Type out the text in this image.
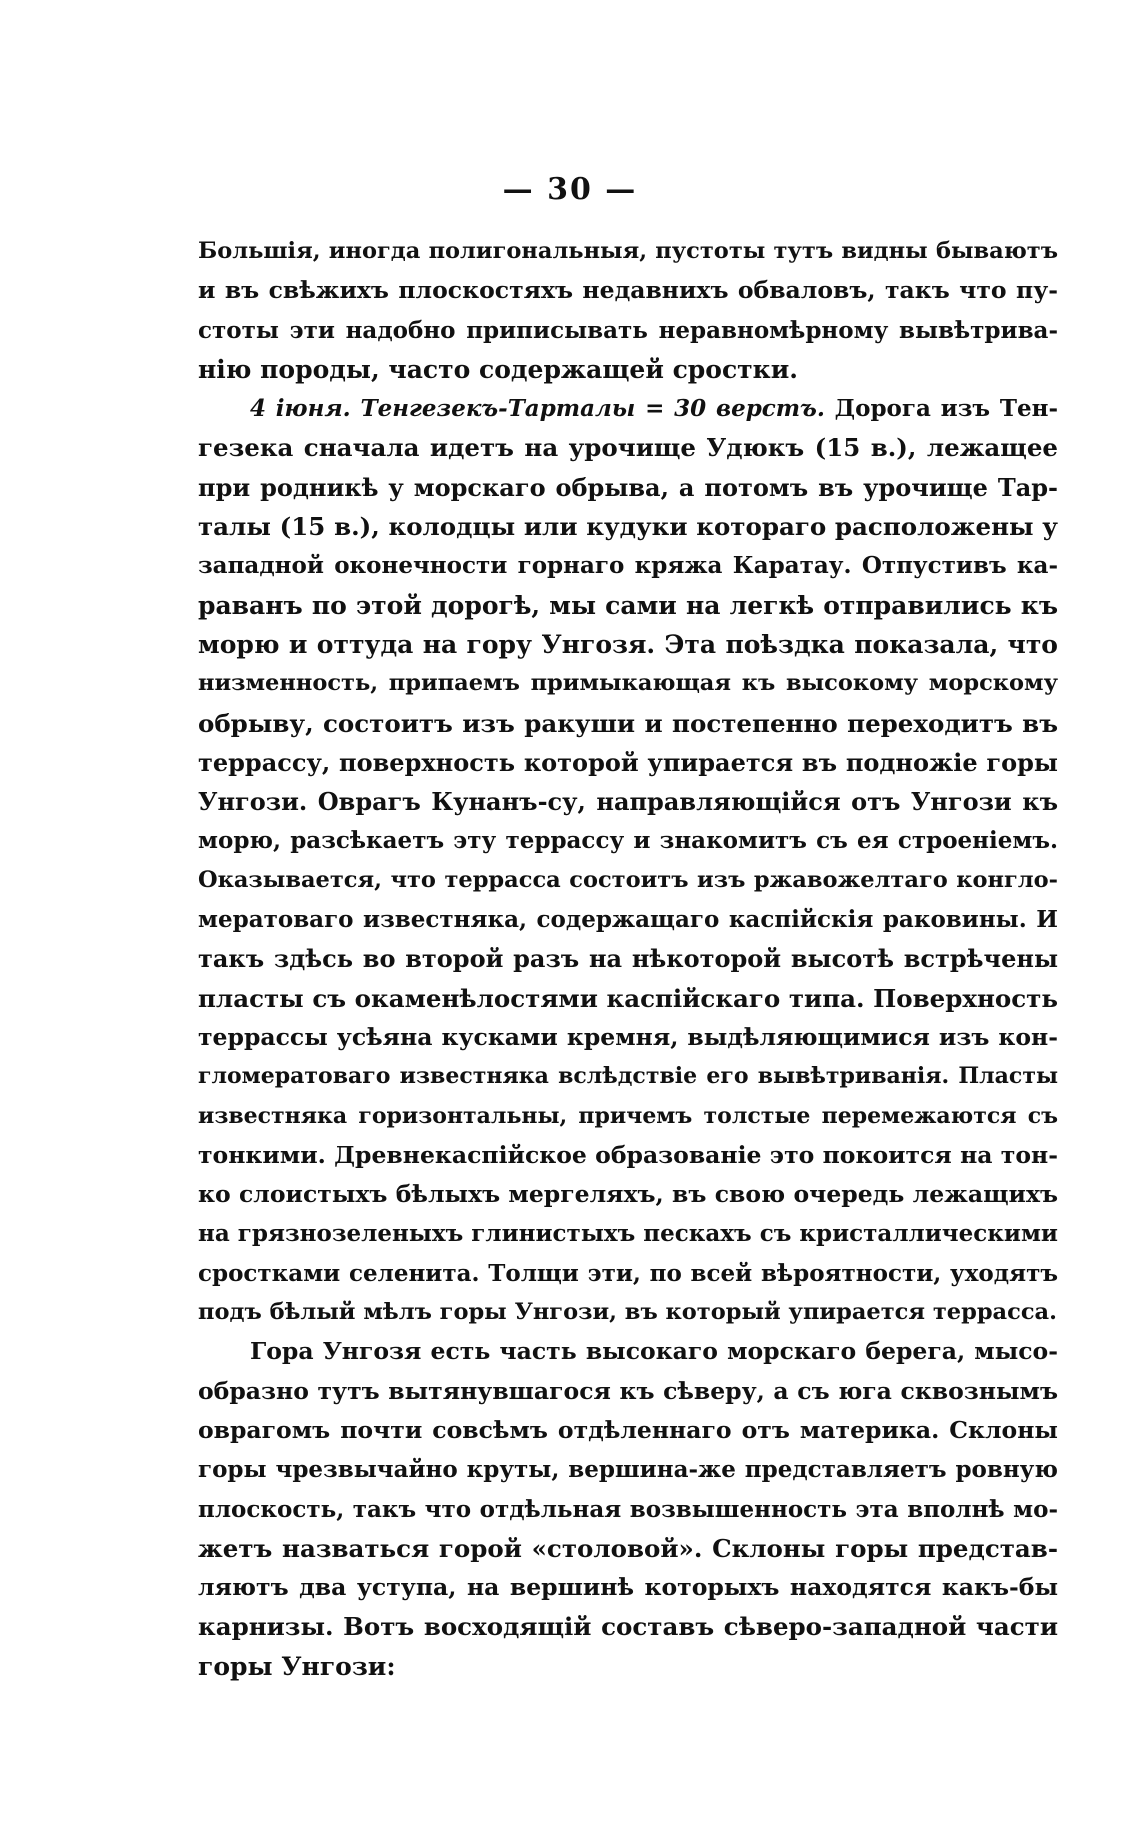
— 30 —
Большія, иногда полигональныя, пустоты тутъ видны бываютъ
и въ свѣжихъ плоскостяхъ недавнихъ обваловъ, такъ что пу-
стоты эти надобно приписывать неравномѣрному вывѣтрива-
нію породы, часто содержащей сростки.
4 іюня. Тенгезекъ-Тарталы = 30 верстъ. Дорога изъ Тен-
гезека сначала идетъ на урочище Удюкъ (15 в.), лежащее
при родникѣ у морскаго обрыва, а потомъ въ урочище Тар-
талы (15 в.), колодцы или кудуки котораго расположены у
западной оконечности горнаго кряжа Каратау. Отпустивъ ка-
раванъ по этой дорогѣ, мы сами на легкѣ отправились къ
морю и оттуда на гору Унгозя. Эта поѣздка показала, что
низменность, припаемъ примыкающая къ высокому морскому
обрыву, состоитъ изъ ракуши и постепенно переходитъ въ
террассу, поверхность которой упирается въ подножіе горы
Унгози. Оврагъ Кунанъ-су, направляющійся отъ Унгози къ
морю, разсѣкаетъ эту террассу и знакомитъ съ ея строеніемъ.
Оказывается, что террасса состоитъ изъ ржавожелтаго конгло-
мератоваго известняка, содержащаго каспійскія раковины. И
такъ здѣсь во второй разъ на нѣкоторой высотѣ встрѣчены
пласты съ окаменѣлостями каспійскаго типа. Поверхность
террассы усѣяна кусками кремня, выдѣляющимися изъ кон-
гломератоваго известняка вслѣдствіе его вывѣтриванія. Пласты
известняка горизонтальны, причемъ толстые перемежаются съ
тонкими. Древнекаспійское образованіе это покоится на тон-
ко слоистыхъ бѣлыхъ мергеляхъ, въ свою очередь лежащихъ
на грязнозеленыхъ глинистыхъ пескахъ съ кристаллическими
сростками селенита. Толщи эти, по всей вѣроятности, уходятъ
подъ бѣлый мѣлъ горы Унгози, въ который упирается террасса.
Гора Унгозя есть часть высокаго морскаго берега, мысо-
образно тутъ вытянувшагося къ сѣверу, а съ юга сквознымъ
оврагомъ почти совсѣмъ отдѣленнаго отъ материка. Склоны
горы чрезвычайно круты, вершина-же представляетъ ровную
плоскость, такъ что отдѣльная возвышенность эта вполнѣ мо-
жетъ назваться горой «столовой». Склоны горы представ-
ляютъ два уступа, на вершинѣ которыхъ находятся какъ-бы
карнизы. Вотъ восходящій составъ сѣверо-западной части
горы Унгози:
